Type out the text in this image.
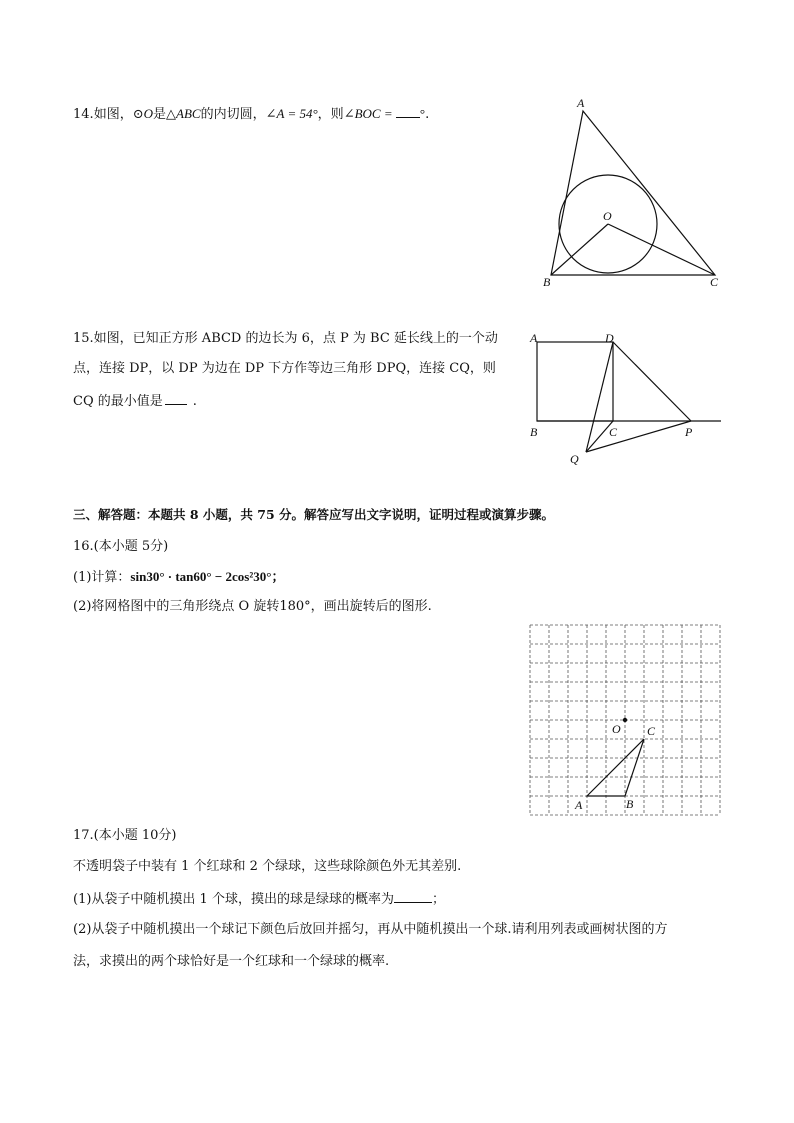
14.如图，⊙O是△ABC的内切圆，∠A = 54°，则∠BOC = °.
A
B	C
O
15.如图，已知正方形 ABCD 的边长为 6，点 P 为 BC 延长线上的一个动
点，连接 DP，以 DP 为边在 DP 下方作等边三角形 DPQ，连接 CQ，则
CQ 的最小值是 .
A	D
B	C	P
Q
三、解答题：本题共 8 小题，共 75 分。解答应写出文字说明，证明过程或演算步骤。
16.(本小题 5分)
(1)计算：sin30° · tan60° − 2cos²30°；
(2)将网格图中的三角形绕点 O 旋转180°，画出旋转后的图形.
O C
A	B
17.(本小题 10分)
不透明袋子中装有 1 个红球和 2 个绿球，这些球除颜色外无其差别.
(1)从袋子中随机摸出 1 个球，摸出的球是绿球的概率为	；
(2)从袋子中随机摸出一个球记下颜色后放回并摇匀，再从中随机摸出一个球.请利用列表或画树状图的方
法，求摸出的两个球恰好是一个红球和一个绿球的概率.
